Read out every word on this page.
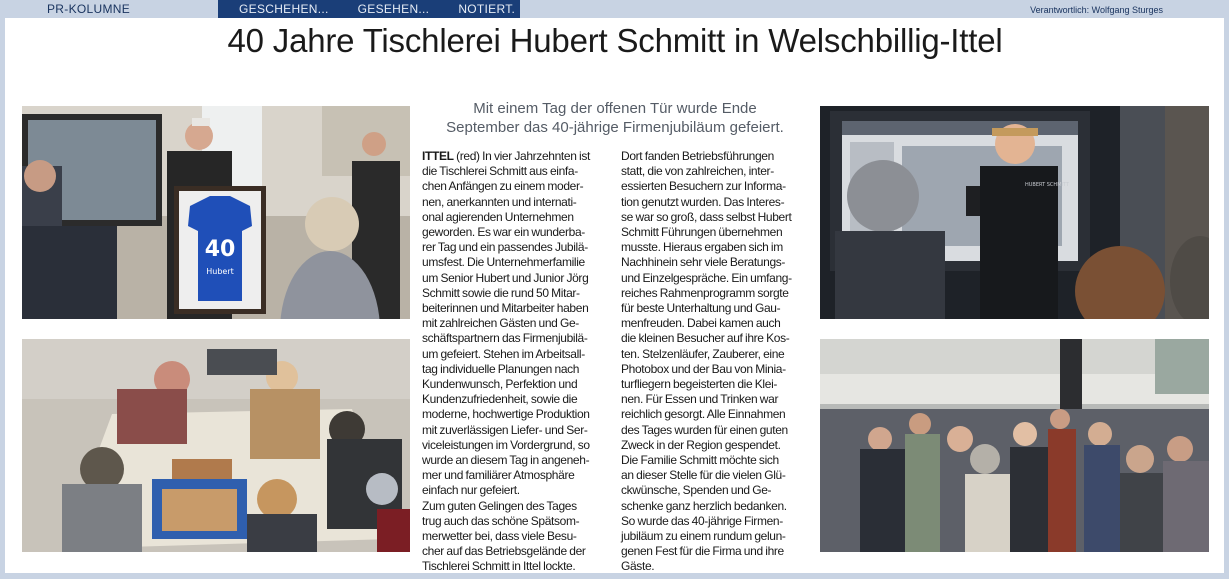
PR-KOLUMNE	GESCHEHEN... GESEHEN... NOTIERT.	Verantwortlich: Wolfgang Sturges
40 Jahre Tischlerei Hubert Schmitt in Welschbillig-Ittel
40
Hubert
HUBERT SCHMITT
Mit einem Tag der offenen Tür wurde Ende
September das 40-jährige Firmenjubiläum gefeiert.
ITTEL (red) In vier Jahrzehnten ist
die Tischlerei Schmitt aus einfa-
chen Anfängen zu einem moder-
nen, anerkannten und internati-
onal agierenden Unternehmen
geworden. Es war ein wunderba-
rer Tag und ein passendes Jubilä-
umsfest. Die Unternehmerfamilie
um Senior Hubert und Junior Jörg
Schmitt sowie die rund 50 Mitar-
beiterinnen und Mitarbeiter haben
mit zahlreichen Gästen und Ge-
schäftspartnern das Firmenjubilä-
um gefeiert. Stehen im Arbeitsall-
tag individuelle Planungen nach
Kundenwunsch, Perfektion und
Kundenzufriedenheit, sowie die
moderne, hochwertige Produktion
mit zuverlässigen Liefer- und Ser-
viceleistungen im Vordergrund, so
wurde an diesem Tag in angeneh-
mer und familiärer Atmosphäre
einfach nur gefeiert.
Zum guten Gelingen des Tages
trug auch das schöne Spätsom-
merwetter bei, dass viele Besu-
cher auf das Betriebsgelände der
Tischlerei Schmitt in Ittel lockte.
Dort fanden Betriebsführungen
statt, die von zahlreichen, inter-
essierten Besuchern zur Informa-
tion genutzt wurden. Das Interes-
se war so groß, dass selbst Hubert
Schmitt Führungen übernehmen
musste. Hieraus ergaben sich im
Nachhinein sehr viele Beratungs-
und Einzelgespräche. Ein umfang-
reiches Rahmenprogramm sorgte
für beste Unterhaltung und Gau-
menfreuden. Dabei kamen auch
die kleinen Besucher auf ihre Kos-
ten. Stelzenläufer, Zauberer, eine
Photobox und der Bau von Minia-
turfliegern begeisterten die Klei-
nen. Für Essen und Trinken war
reichlich gesorgt. Alle Einnahmen
des Tages wurden für einen guten
Zweck in der Region gespendet.
Die Familie Schmitt möchte sich
an dieser Stelle für die vielen Glü-
ckwünsche, Spenden und Ge-
schenke ganz herzlich bedanken.
So wurde das 40-jährige Firmen-
jubiläum zu einem rundum gelun-
genen Fest für die Firma und ihre
Gäste.
